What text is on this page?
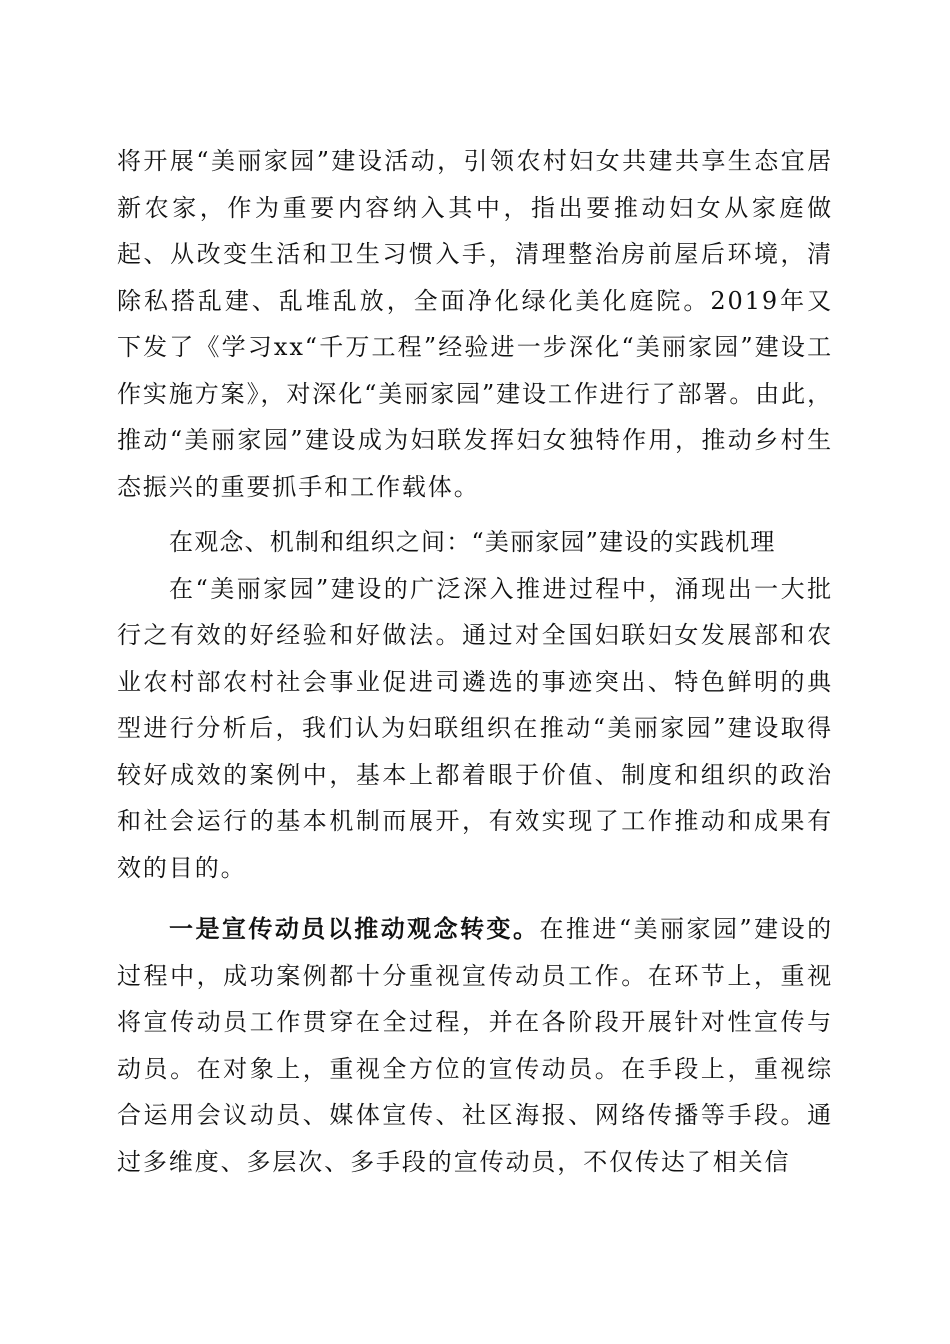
将开展“美丽家园”建设活动，引领农村妇女共建共享生态宜居新农家，作为重要内容纳入其中，指出要推动妇女从家庭做起、从改变生活和卫生习惯入手，清理整治房前屋后环境，清除私搭乱建、乱堆乱放，全面净化绿化美化庭院。2019年又下发了《学习xx“千万工程”经验进一步深化“美丽家园”建设工作实施方案》，对深化“美丽家园”建设工作进行了部署。由此，推动“美丽家园”建设成为妇联发挥妇女独特作用，推动乡村生态振兴的重要抓手和工作载体。

在观念、机制和组织之间：“美丽家园”建设的实践机理

在“美丽家园”建设的广泛深入推进过程中，涌现出一大批行之有效的好经验和好做法。通过对全国妇联妇女发展部和农业农村部农村社会事业促进司遴选的事迹突出、特色鲜明的典型进行分析后，我们认为妇联组织在推动“美丽家园”建设取得较好成效的案例中，基本上都着眼于价值、制度和组织的政治和社会运行的基本机制而展开，有效实现了工作推动和成果有效的目的。

一是宣传动员以推动观念转变。在推进“美丽家园”建设的过程中，成功案例都十分重视宣传动员工作。在环节上，重视将宣传动员工作贯穿在全过程，并在各阶段开展针对性宣传与动员。在对象上，重视全方位的宣传动员。在手段上，重视综合运用会议动员、媒体宣传、社区海报、网络传播等手段。通过多维度、多层次、多手段的宣传动员，不仅传达了相关信
